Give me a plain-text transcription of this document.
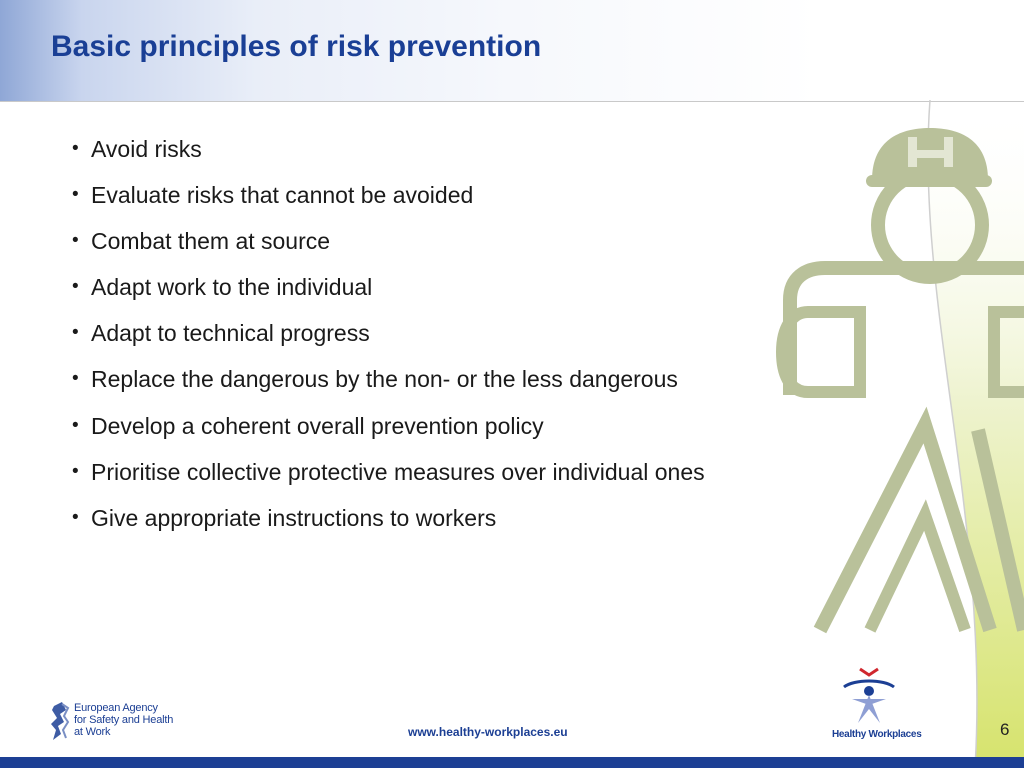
Basic principles of risk prevention
• Avoid risks
• Evaluate risks that cannot be avoided
• Combat them at source
• Adapt work to the individual
• Adapt to technical progress
• Replace the dangerous by the non- or the less dangerous
• Develop a coherent overall prevention policy
• Prioritise collective protective measures over individual ones
• Give appropriate instructions to workers
European Agency
for Safety and Health
at Work	www.healthy-workplaces.eu	Healthy Workplaces	6
